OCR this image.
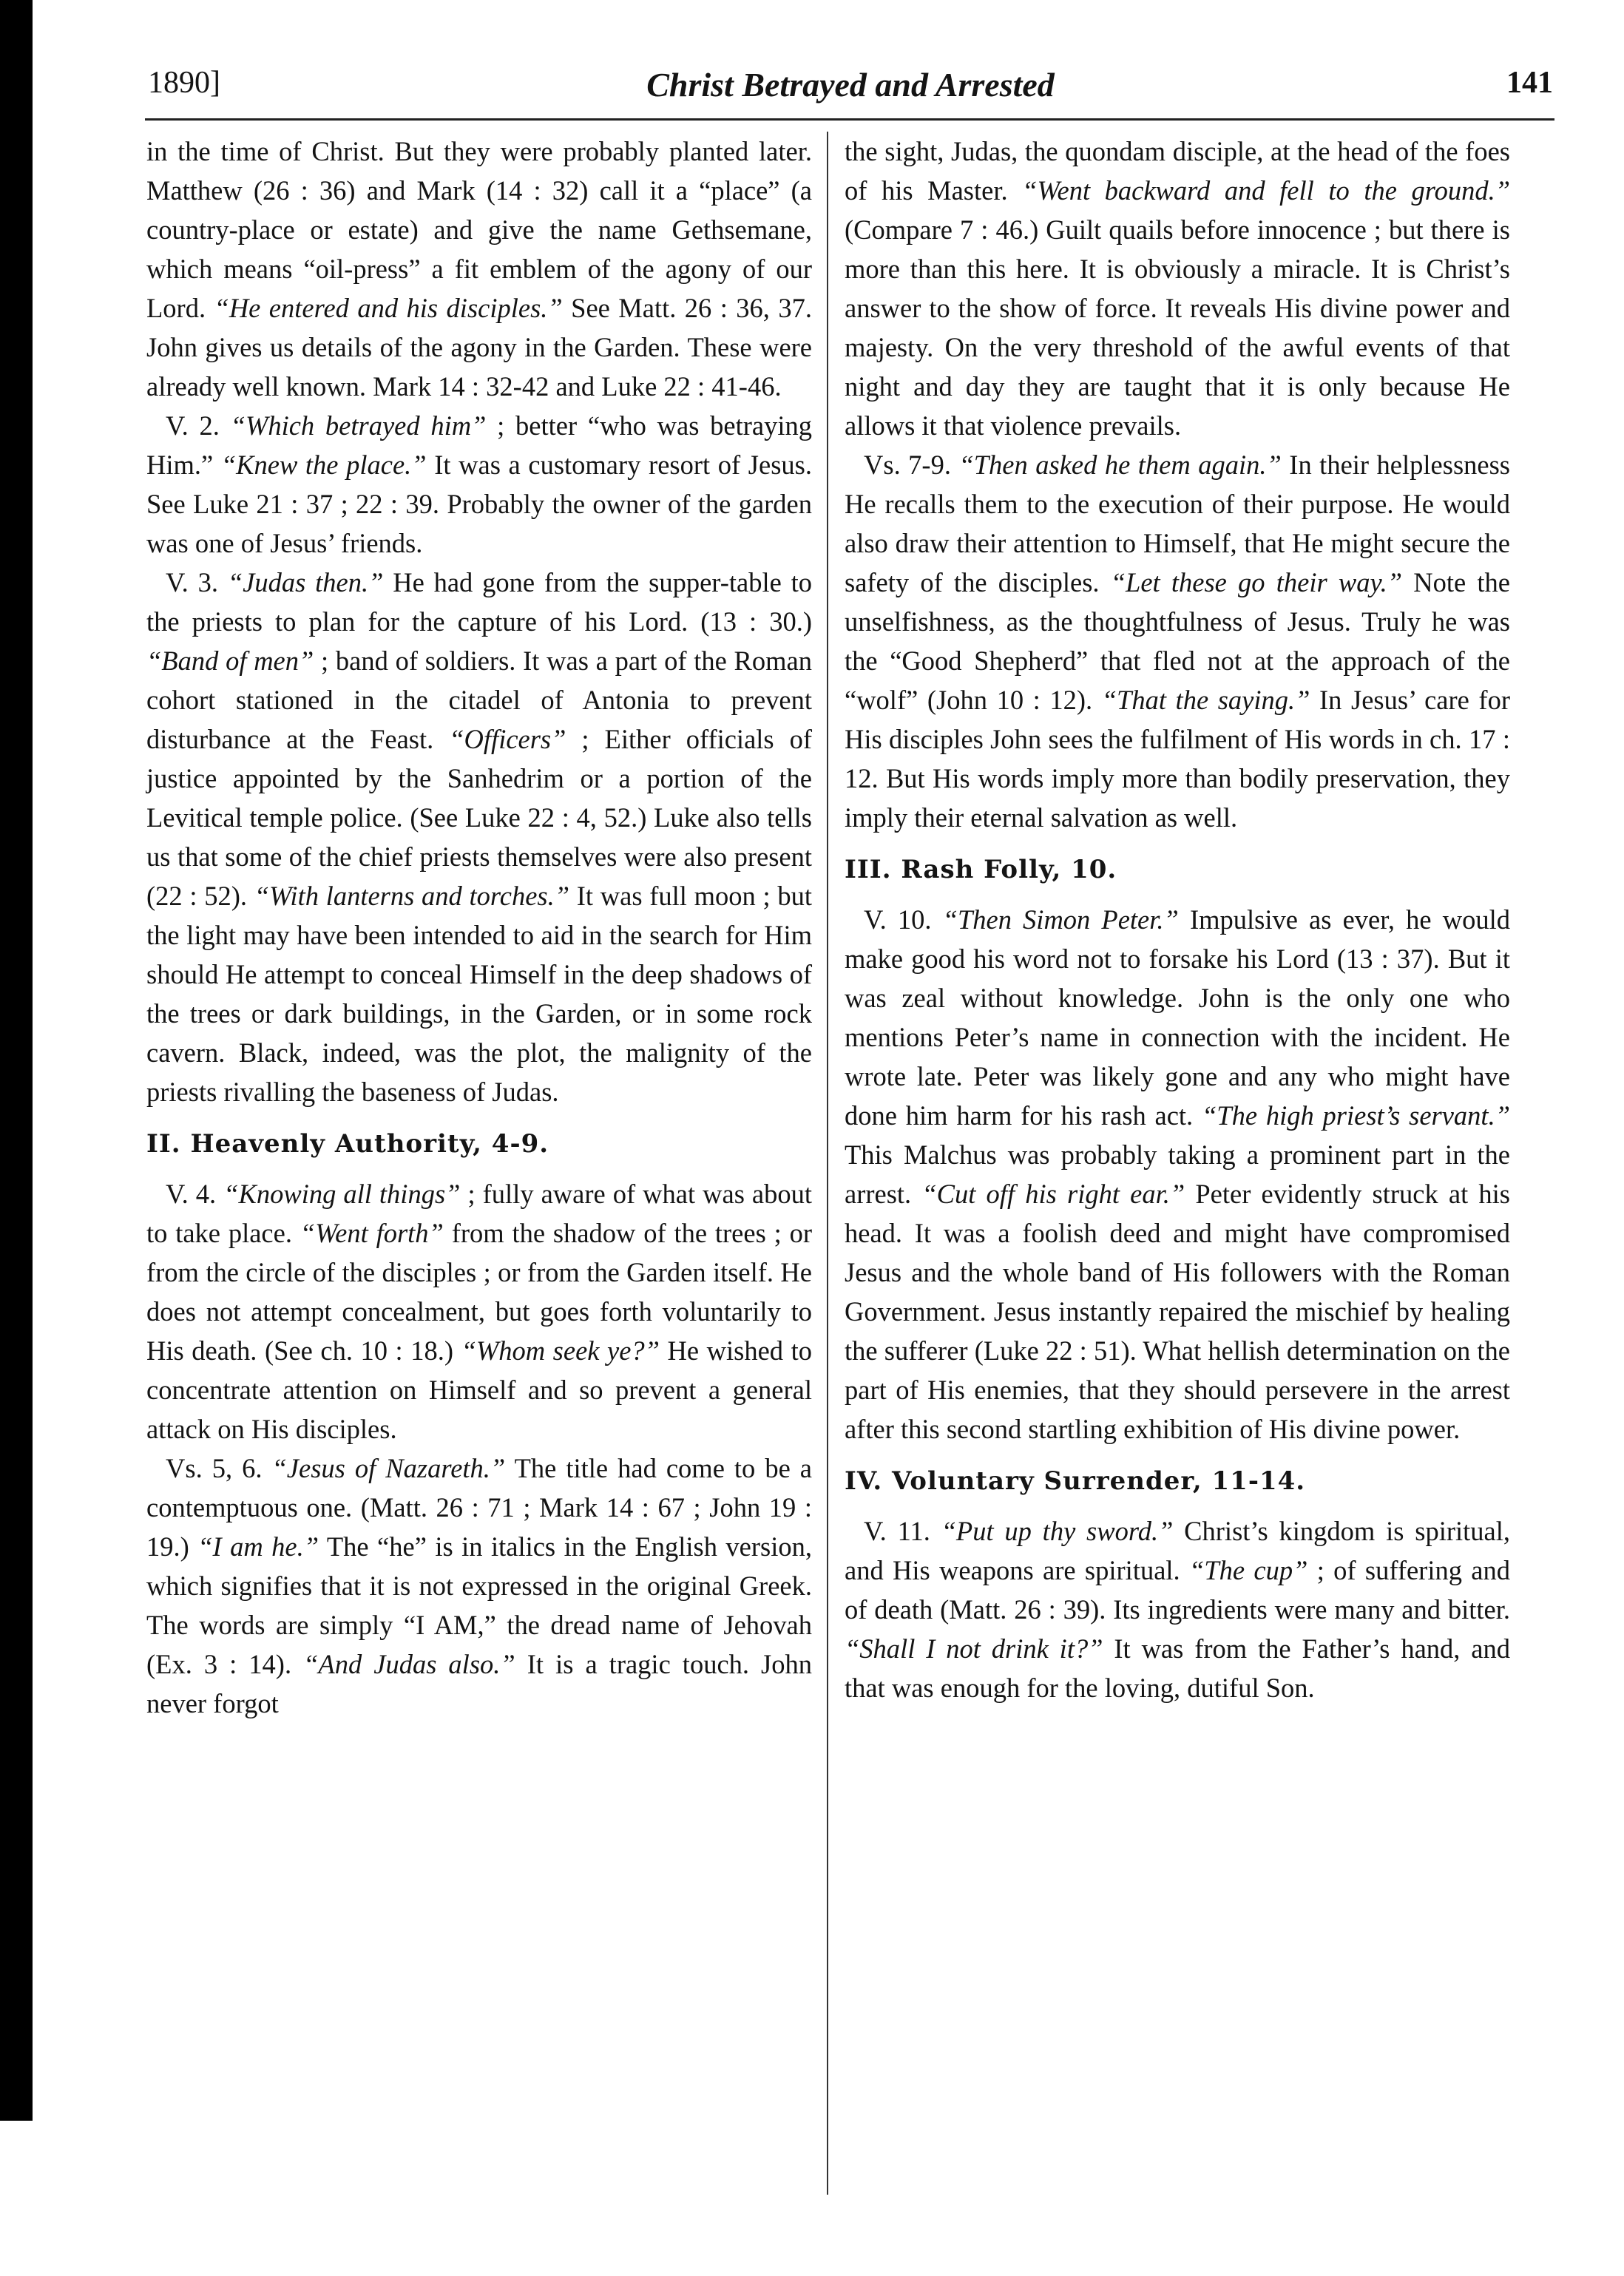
1890]	Christ Betrayed and Arrested	141

in the time of Christ. But they were probably planted later. Matthew (26 : 36) and Mark (14 : 32) call it a “place” (a country-place or estate) and give the name Gethsemane, which means “oil-press” a fit emblem of the agony of our Lord. “He entered and his disciples.” See Matt. 26 : 36, 37. John gives us details of the agony in the Garden. These were already well known. Mark 14 : 32-42 and Luke 22 : 41-46.

V. 2. “Which betrayed him” ; better “who was betraying Him.” “Knew the place.” It was a customary resort of Jesus. See Luke 21 : 37 ; 22 : 39. Probably the owner of the garden was one of Jesus’ friends.

V. 3. “Judas then.” He had gone from the supper-table to the priests to plan for the capture of his Lord. (13 : 30.) “Band of men” ; band of soldiers. It was a part of the Roman cohort stationed in the citadel of Antonia to prevent disturbance at the Feast. “Officers” ; Either officials of justice appointed by the Sanhedrim or a portion of the Levitical temple police. (See Luke 22 : 4, 52.) Luke also tells us that some of the chief priests themselves were also present (22 : 52). “With lanterns and torches.” It was full moon ; but the light may have been intended to aid in the search for Him should He attempt to conceal Himself in the deep shadows of the trees or dark buildings, in the Garden, or in some rock cavern. Black, indeed, was the plot, the malignity of the priests rivalling the baseness of Judas.

II. Heavenly Authority, 4-9.

V. 4. “Knowing all things” ; fully aware of what was about to take place. “Went forth” from the shadow of the trees ; or from the circle of the disciples ; or from the Garden itself. He does not attempt concealment, but goes forth voluntarily to His death. (See ch. 10 : 18.) “Whom seek ye?” He wished to concentrate attention on Himself and so prevent a general attack on His disciples.

Vs. 5, 6. “Jesus of Nazareth.” The title had come to be a contemptuous one. (Matt. 26 : 71 ; Mark 14 : 67 ; John 19 : 19.) “I am he.” The “he” is in italics in the English version, which signifies that it is not expressed in the original Greek. The words are simply “I AM,” the dread name of Jehovah (Ex. 3 : 14). “And Judas also.” It is a tragic touch. John never forgot

the sight, Judas, the quondam disciple, at the head of the foes of his Master. “Went backward and fell to the ground.” (Compare 7 : 46.) Guilt quails before innocence ; but there is more than this here. It is obviously a miracle. It is Christ’s answer to the show of force. It reveals His divine power and majesty. On the very threshold of the awful events of that night and day they are taught that it is only because He allows it that violence prevails.

Vs. 7-9. “Then asked he them again.” In their helplessness He recalls them to the execution of their purpose. He would also draw their attention to Himself, that He might secure the safety of the disciples. “Let these go their way.” Note the unselfishness, as the thoughtfulness of Jesus. Truly he was the “Good Shepherd” that fled not at the approach of the “wolf” (John 10 : 12). “That the saying.” In Jesus’ care for His disciples John sees the fulfilment of His words in ch. 17 : 12. But His words imply more than bodily preservation, they imply their eternal salvation as well.

III. Rash Folly, 10.

V. 10. “Then Simon Peter.” Impulsive as ever, he would make good his word not to forsake his Lord (13 : 37). But it was zeal without knowledge. John is the only one who mentions Peter’s name in connection with the incident. He wrote late. Peter was likely gone and any who might have done him harm for his rash act. “The high priest’s servant.” This Malchus was probably taking a prominent part in the arrest. “Cut off his right ear.” Peter evidently struck at his head. It was a foolish deed and might have compromised Jesus and the whole band of His followers with the Roman Government. Jesus instantly repaired the mischief by healing the sufferer (Luke 22 : 51). What hellish determination on the part of His enemies, that they should persevere in the arrest after this second startling exhibition of His divine power.

IV. Voluntary Surrender, 11-14.

V. 11. “Put up thy sword.” Christ’s kingdom is spiritual, and His weapons are spiritual. “The cup” ; of suffering and of death (Matt. 26 : 39). Its ingredients were many and bitter. “Shall I not drink it?” It was from the Father’s hand, and that was enough for the loving, dutiful Son.
